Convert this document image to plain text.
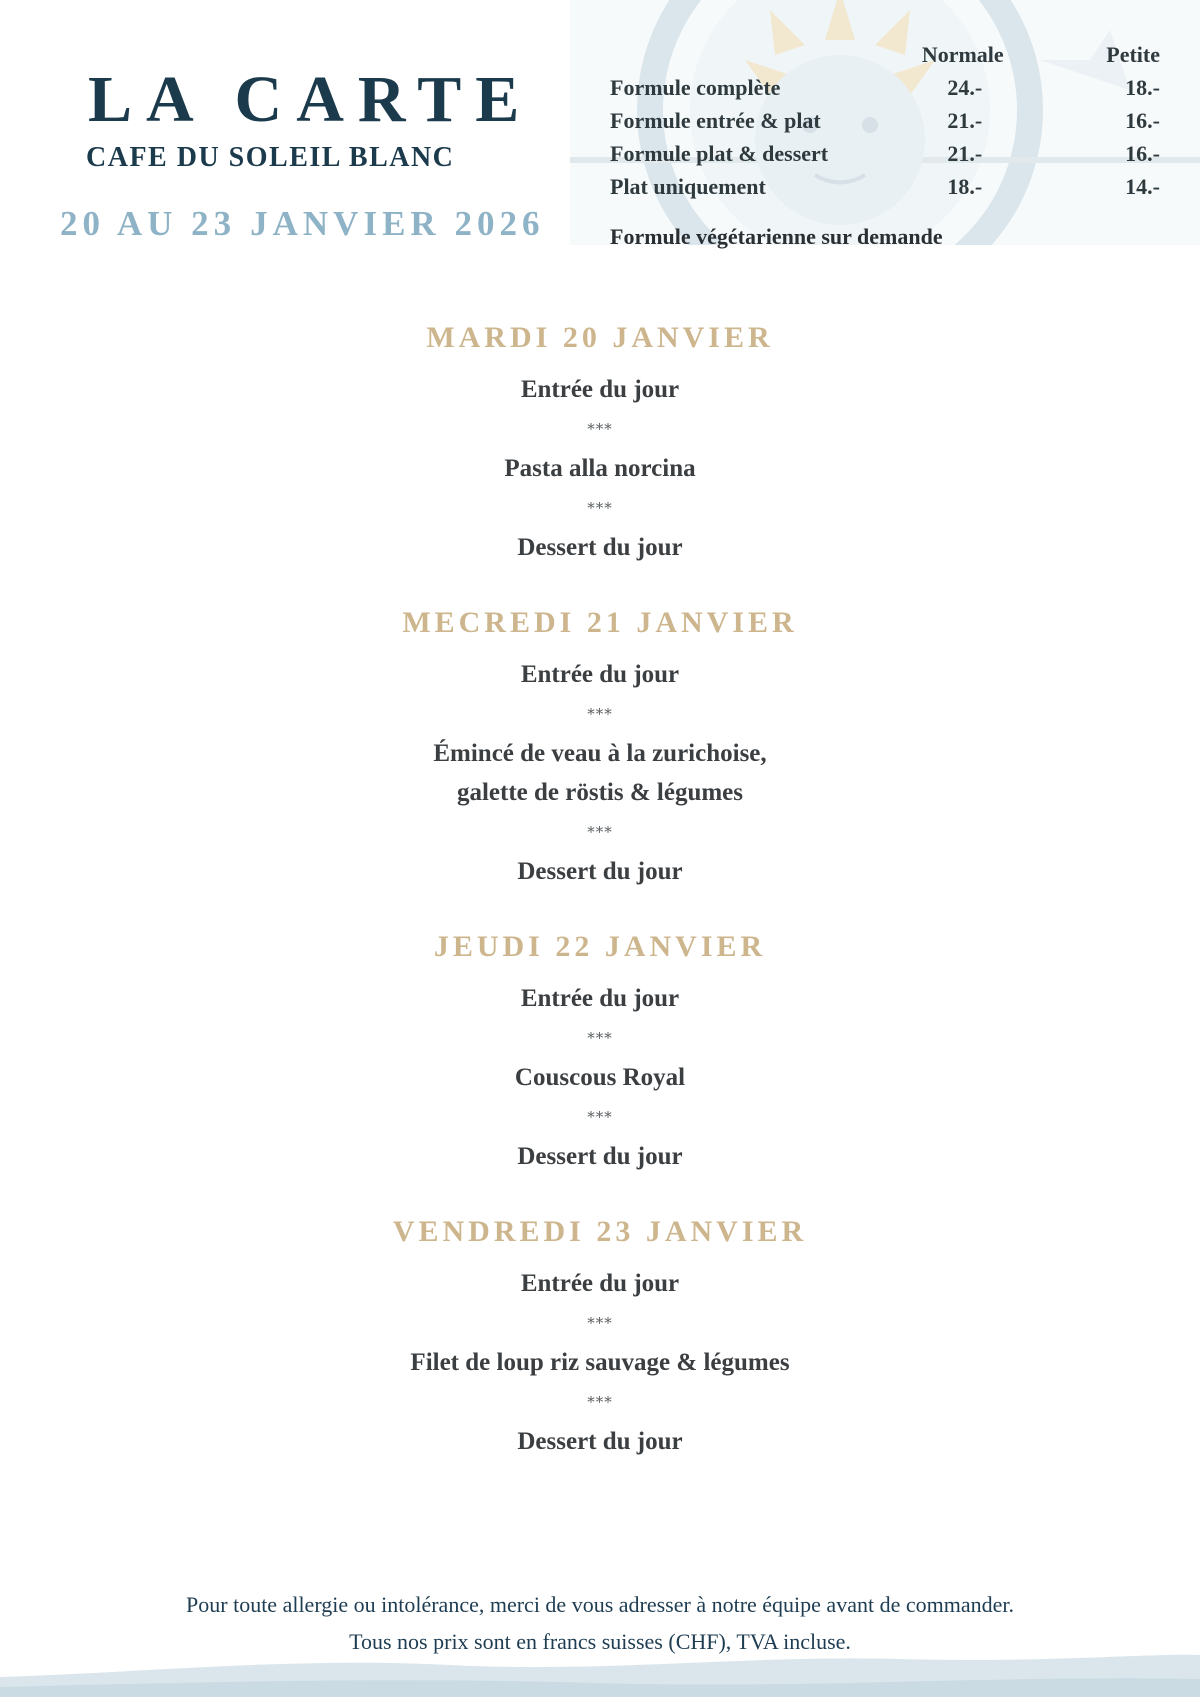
LA CARTE
CAFE DU SOLEIL BLANC

20 AU 23 JANVIER 2026

	Normale	Petite
Formule complète	24.-	18.-
Formule entrée & plat	21.-	16.-
Formule plat & dessert	21.-	16.-
Plat uniquement	18.-	14.-

Formule végétarienne sur demande

MARDI 20 JANVIER

Entrée du jour

***

Pasta alla norcina

***

Dessert du jour

MECREDI 21 JANVIER

Entrée du jour

***

Émincé de veau à la zurichoise,

galette de röstis & légumes

***

Dessert du jour

JEUDI 22 JANVIER

Entrée du jour

***

Couscous Royal

***

Dessert du jour

VENDREDI 23 JANVIER

Entrée du jour

***

Filet de loup riz sauvage & légumes

***

Dessert du jour

Pour toute allergie ou intolérance, merci de vous adresser à notre équipe avant de commander.

Tous nos prix sont en francs suisses (CHF), TVA incluse.
